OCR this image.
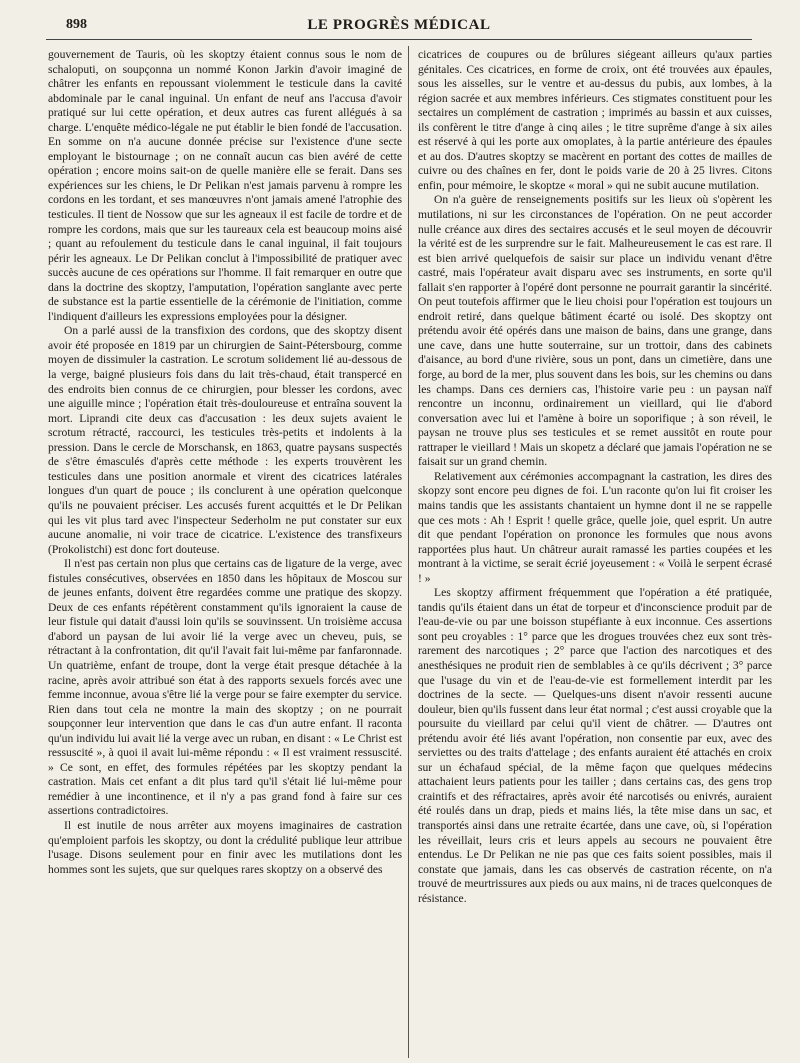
898	LE PROGRÈS MÉDICAL

gouvernement de Tauris, où les skoptzy étaient connus sous le nom de schaloputi, on soupçonna un nommé Konon Jarkin d'avoir imaginé de châtrer les enfants en repoussant violemment le testicule dans la cavité abdominale par le canal inguinal. Un enfant de neuf ans l'accusa d'avoir pratiqué sur lui cette opération, et deux autres cas furent allégués à sa charge. L'enquête médico-légale ne put établir le bien fondé de l'accusation. En somme on n'a aucune donnée précise sur l'existence d'une secte employant le bistournage ; on ne connaît aucun cas bien avéré de cette opération ; encore moins sait-on de quelle manière elle se ferait. Dans ses expériences sur les chiens, le Dr Pelikan n'est jamais parvenu à rompre les cordons en les tordant, et ses manœuvres n'ont jamais amené l'atrophie des testicules. Il tient de Nossow que sur les agneaux il est facile de tordre et de rompre les cordons, mais que sur les taureaux cela est beaucoup moins aisé ; quant au refoulement du testicule dans le canal inguinal, il fait toujours périr les agneaux. Le Dr Pelikan conclut à l'impossibilité de pratiquer avec succès aucune de ces opérations sur l'homme. Il fait remarquer en outre que dans la doctrine des skoptzy, l'amputation, l'opération sanglante avec perte de substance est la partie essentielle de la cérémonie de l'initiation, comme l'indiquent d'ailleurs les expressions employées pour la désigner.

On a parlé aussi de la transfixion des cordons, que des skoptzy disent avoir été proposée en 1819 par un chirurgien de Saint-Pétersbourg, comme moyen de dissimuler la castration. Le scrotum solidement lié au-dessous de la verge, baigné plusieurs fois dans du lait très-chaud, était transpercé en des endroits bien connus de ce chirurgien, pour blesser les cordons, avec une aiguille mince ; l'opération était très-douloureuse et entraîna souvent la mort. Liprandi cite deux cas d'accusation : les deux sujets avaient le scrotum rétracté, raccourci, les testicules très-petits et indolents à la pression. Dans le cercle de Morschansk, en 1863, quatre paysans suspectés de s'être émasculés d'après cette méthode : les experts trouvèrent les testicules dans une position anormale et virent des cicatrices latérales longues d'un quart de pouce ; ils conclurent à une opération quelconque qu'ils ne pouvaient préciser. Les accusés furent acquittés et le Dr Pelikan qui les vit plus tard avec l'inspecteur Sederholm ne put constater sur eux aucune anomalie, ni voir trace de cicatrice. L'existence des transfixeurs (Prokolistchi) est donc fort douteuse.

Il n'est pas certain non plus que certains cas de ligature de la verge, avec fistules consécutives, observées en 1850 dans les hôpitaux de Moscou sur de jeunes enfants, doivent être regardées comme une pratique des skopzy. Deux de ces enfants répétèrent constamment qu'ils ignoraient la cause de leur fistule qui datait d'aussi loin qu'ils se souvinssent. Un troisième accusa d'abord un paysan de lui avoir lié la verge avec un cheveu, puis, se rétractant à la confrontation, dit qu'il l'avait fait lui-même par fanfaronnade. Un quatrième, enfant de troupe, dont la verge était presque détachée à la racine, après avoir attribué son état à des rapports sexuels forcés avec une femme inconnue, avoua s'être lié la verge pour se faire exempter du service. Rien dans tout cela ne montre la main des skoptzy ; on ne pourrait soupçonner leur intervention que dans le cas d'un autre enfant. Il raconta qu'un individu lui avait lié la verge avec un ruban, en disant : « Le Christ est ressuscité », à quoi il avait lui-même répondu : « Il est vraiment ressuscité. » Ce sont, en effet, des formules répétées par les skoptzy pendant la castration. Mais cet enfant a dit plus tard qu'il s'était lié lui-même pour remédier à une incontinence, et il n'y a pas grand fond à faire sur ces assertions contradictoires.

Il est inutile de nous arrêter aux moyens imaginaires de castration qu'emploient parfois les skoptzy, ou dont la crédulité publique leur attribue l'usage. Disons seulement pour en finir avec les mutilations dont les hommes sont les sujets, que sur quelques rares skoptzy on a observé des

cicatrices de coupures ou de brûlures siégeant ailleurs qu'aux parties génitales. Ces cicatrices, en forme de croix, ont été trouvées aux épaules, sous les aisselles, sur le ventre et au-dessus du pubis, aux lombes, à la région sacrée et aux membres inférieurs. Ces stigmates constituent pour les sectaires un complément de castration ; imprimés au bassin et aux cuisses, ils confèrent le titre d'ange à cinq ailes ; le titre suprême d'ange à six ailes est réservé à qui les porte aux omoplates, à la partie antérieure des épaules et au dos. D'autres skoptzy se macèrent en portant des cottes de mailles de cuivre ou des chaînes en fer, dont le poids varie de 20 à 25 livres. Citons enfin, pour mémoire, le skoptze « moral » qui ne subit aucune mutilation.

On n'a guère de renseignements positifs sur les lieux où s'opèrent les mutilations, ni sur les circonstances de l'opération. On ne peut accorder nulle créance aux dires des sectaires accusés et le seul moyen de découvrir la vérité est de les surprendre sur le fait. Malheureusement le cas est rare. Il est bien arrivé quelquefois de saisir sur place un individu venant d'être castré, mais l'opérateur avait disparu avec ses instruments, en sorte qu'il fallait s'en rapporter à l'opéré dont personne ne pourrait garantir la sincérité. On peut toutefois affirmer que le lieu choisi pour l'opération est toujours un endroit retiré, dans quelque bâtiment écarté ou isolé. Des skoptzy ont prétendu avoir été opérés dans une maison de bains, dans une grange, dans une cave, dans une hutte souterraine, sur un trottoir, dans des cabinets d'aisance, au bord d'une rivière, sous un pont, dans un cimetière, dans une forge, au bord de la mer, plus souvent dans les bois, sur les chemins ou dans les champs. Dans ces derniers cas, l'histoire varie peu : un paysan naïf rencontre un inconnu, ordinairement un vieillard, qui lie d'abord conversation avec lui et l'amène à boire un soporifique ; à son réveil, le paysan ne trouve plus ses testicules et se remet aussitôt en route pour rattraper le vieillard ! Mais un skopetz a déclaré que jamais l'opération ne se faisait sur un grand chemin.

Relativement aux cérémonies accompagnant la castration, les dires des skopzy sont encore peu dignes de foi. L'un raconte qu'on lui fit croiser les mains tandis que les assistants chantaient un hymne dont il ne se rappelle que ces mots : Ah ! Esprit ! quelle grâce, quelle joie, quel esprit. Un autre dit que pendant l'opération on prononce les formules que nous avons rapportées plus haut. Un châtreur aurait ramassé les parties coupées et les montrant à la victime, se serait écrié joyeusement : « Voilà le serpent écrasé ! »

Les skoptzy affirment fréquemment que l'opération a été pratiquée, tandis qu'ils étaient dans un état de torpeur et d'inconscience produit par de l'eau-de-vie ou par une boisson stupéfiante à eux inconnue. Ces assertions sont peu croyables : 1° parce que les drogues trouvées chez eux sont très-rarement des narcotiques ; 2° parce que l'action des narcotiques et des anesthésiques ne produit rien de semblables à ce qu'ils décrivent ; 3° parce que l'usage du vin et de l'eau-de-vie est formellement interdit par les doctrines de la secte. — Quelques-uns disent n'avoir ressenti aucune douleur, bien qu'ils fussent dans leur état normal ; c'est aussi croyable que la poursuite du vieillard par celui qu'il vient de châtrer. — D'autres ont prétendu avoir été liés avant l'opération, non consentie par eux, avec des serviettes ou des traits d'attelage ; des enfants auraient été attachés en croix sur un échafaud spécial, de la même façon que quelques médecins attachaient leurs patients pour les tailler ; dans certains cas, des gens trop craintifs et des réfractaires, après avoir été narcotisés ou enivrés, auraient été roulés dans un drap, pieds et mains liés, la tête mise dans un sac, et transportés ainsi dans une retraite écartée, dans une cave, où, si l'opération les réveillait, leurs cris et leurs appels au secours ne pouvaient être entendus. Le Dr Pelikan ne nie pas que ces faits soient possibles, mais il constate que jamais, dans les cas observés de castration récente, on n'a trouvé de meurtrissures aux pieds ou aux mains, ni de traces quelconques de résistance.
